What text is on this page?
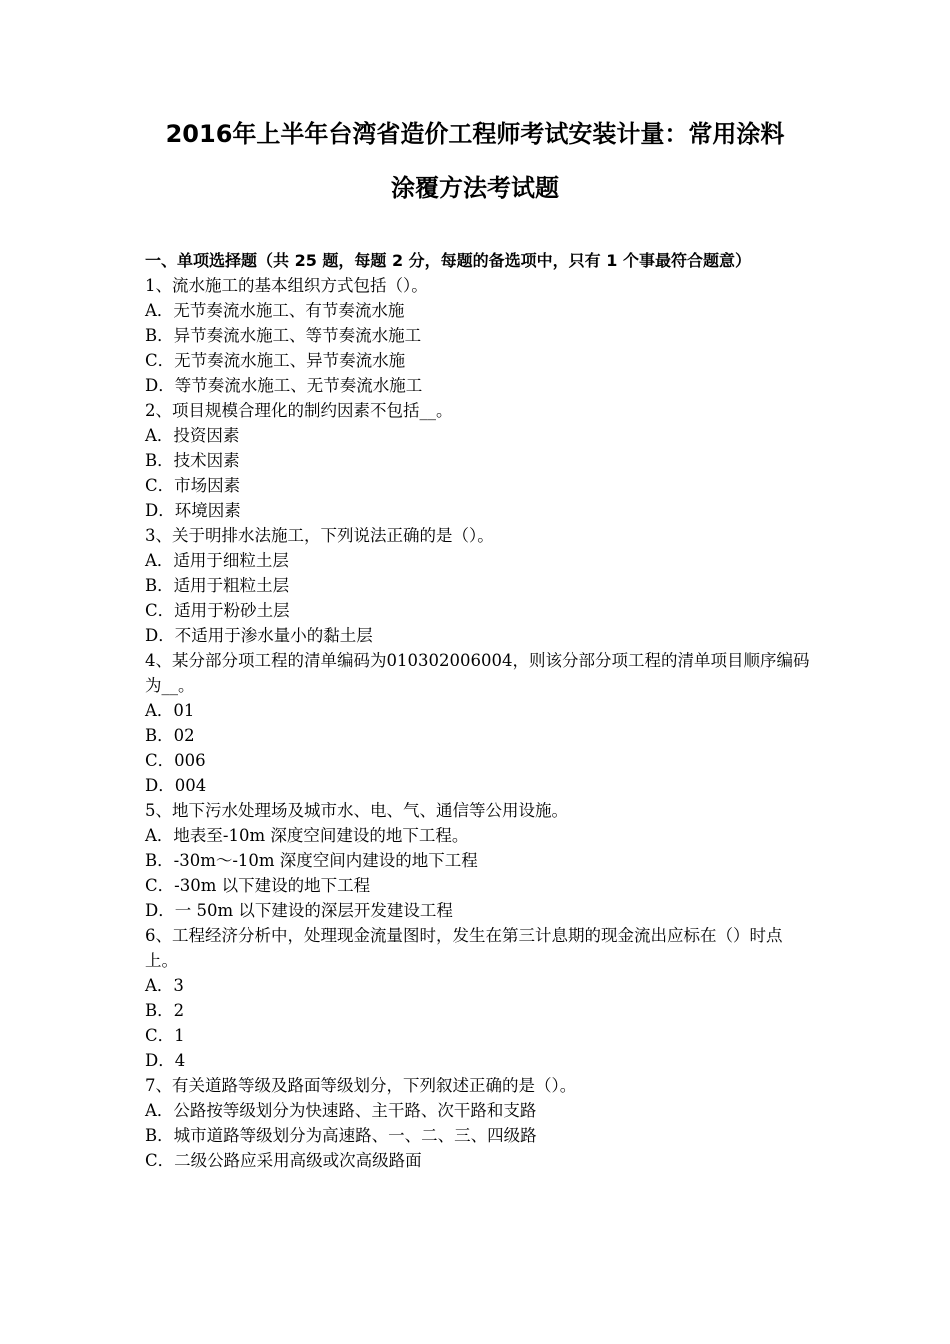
2016年上半年台湾省造价工程师考试安装计量：常用涂料
涂覆方法考试题
一、单项选择题（共 25 题，每题 2 分，每题的备选项中，只有 1 个事最符合题意）
1、流水施工的基本组织方式包括（）。
A．无节奏流水施工、有节奏流水施
B．异节奏流水施工、等节奏流水施工
C．无节奏流水施工、异节奏流水施
D．等节奏流水施工、无节奏流水施工
2、项目规模合理化的制约因素不包括__。
A．投资因素
B．技术因素
C．市场因素
D．环境因素
3、关于明排水法施工，下列说法正确的是（）。
A．适用于细粒土层
B．适用于粗粒土层
C．适用于粉砂土层
D．不适用于渗水量小的黏土层
4、某分部分项工程的清单编码为010302006004，则该分部分项工程的清单项目顺序编码为__。
A．01
B．02
C．006
D．004
5、地下污水处理场及城市水、电、气、通信等公用设施。
A．地表至-10m 深度空间建设的地下工程。
B．-30m～-10m 深度空间内建设的地下工程
C．-30m 以下建设的地下工程
D．一 50m 以下建设的深层开发建设工程
6、工程经济分析中，处理现金流量图时，发生在第三计息期的现金流出应标在（）时点上。
A．3
B．2
C．1
D．4
7、有关道路等级及路面等级划分，下列叙述正确的是（）。
A．公路按等级划分为快速路、主干路、次干路和支路
B．城市道路等级划分为高速路、一、二、三、四级路
C．二级公路应采用高级或次高级路面
